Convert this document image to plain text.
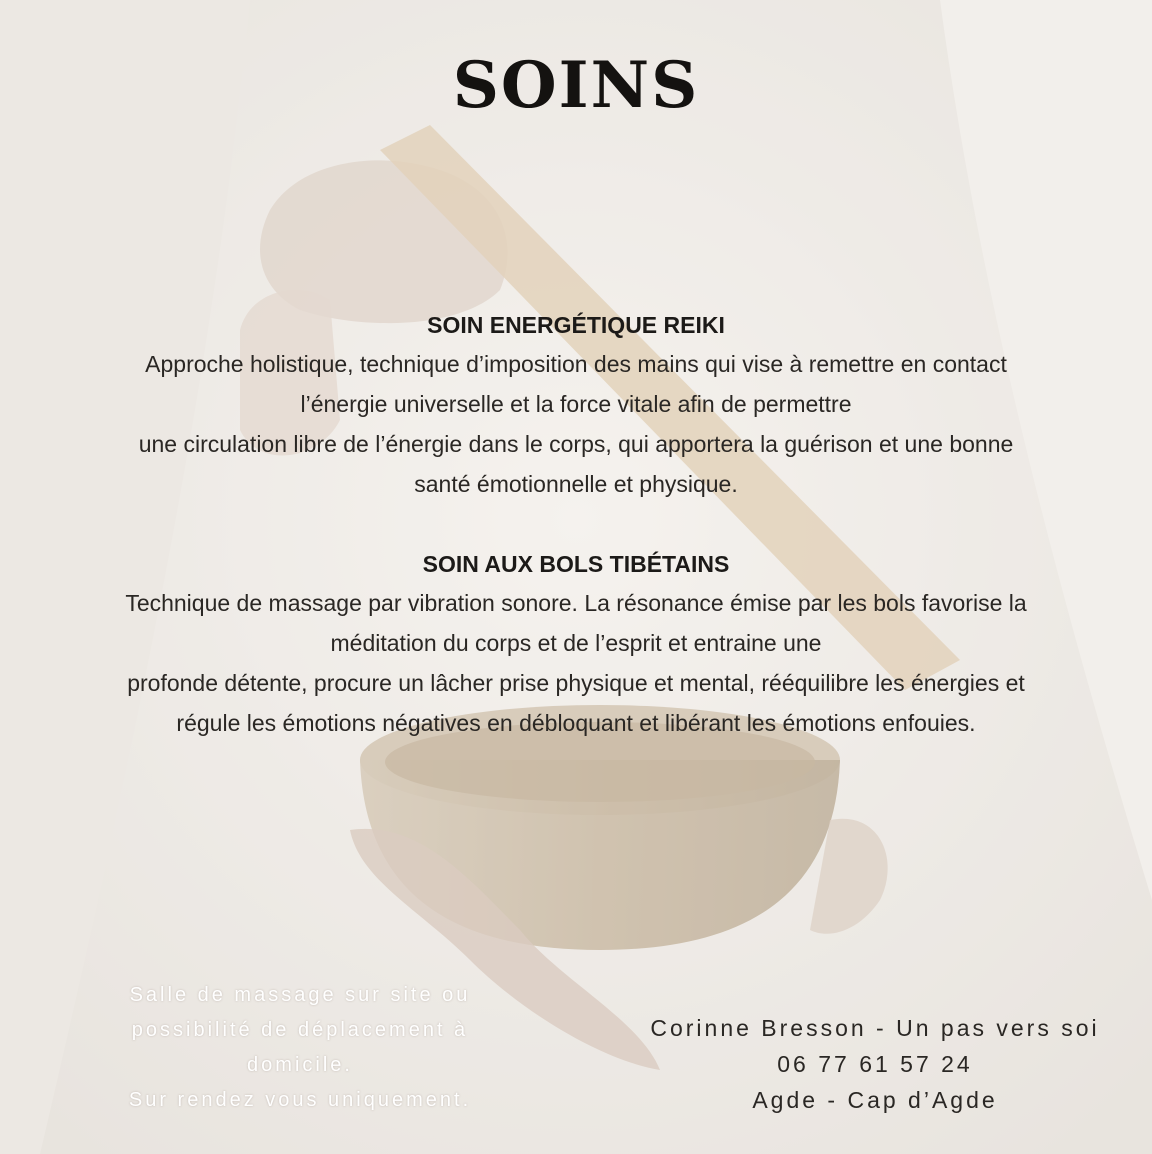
SOINS
SOIN ENERGÉTIQUE REIKI

Approche holistique, technique d’imposition des mains qui vise à remettre en contact
l’énergie universelle et la force vitale afin de permettre
une circulation libre de l’énergie dans le corps, qui apportera la guérison et une bonne
santé émotionnelle et physique.

SOIN AUX BOLS TIBÉTAINS

Technique de massage par vibration sonore. La résonance émise par les bols favorise la
méditation du corps et de l’esprit et entraine une
profonde détente, procure un lâcher prise physique et mental, rééquilibre les énergies et
régule les émotions négatives en débloquant et libérant les émotions enfouies.

Salle de massage sur site ou
possibilité de déplacement à
domicile.
Sur rendez vous uniquement.
Corinne Bresson - Un pas vers soi
06 77 61 57 24
Agde - Cap d’Agde
